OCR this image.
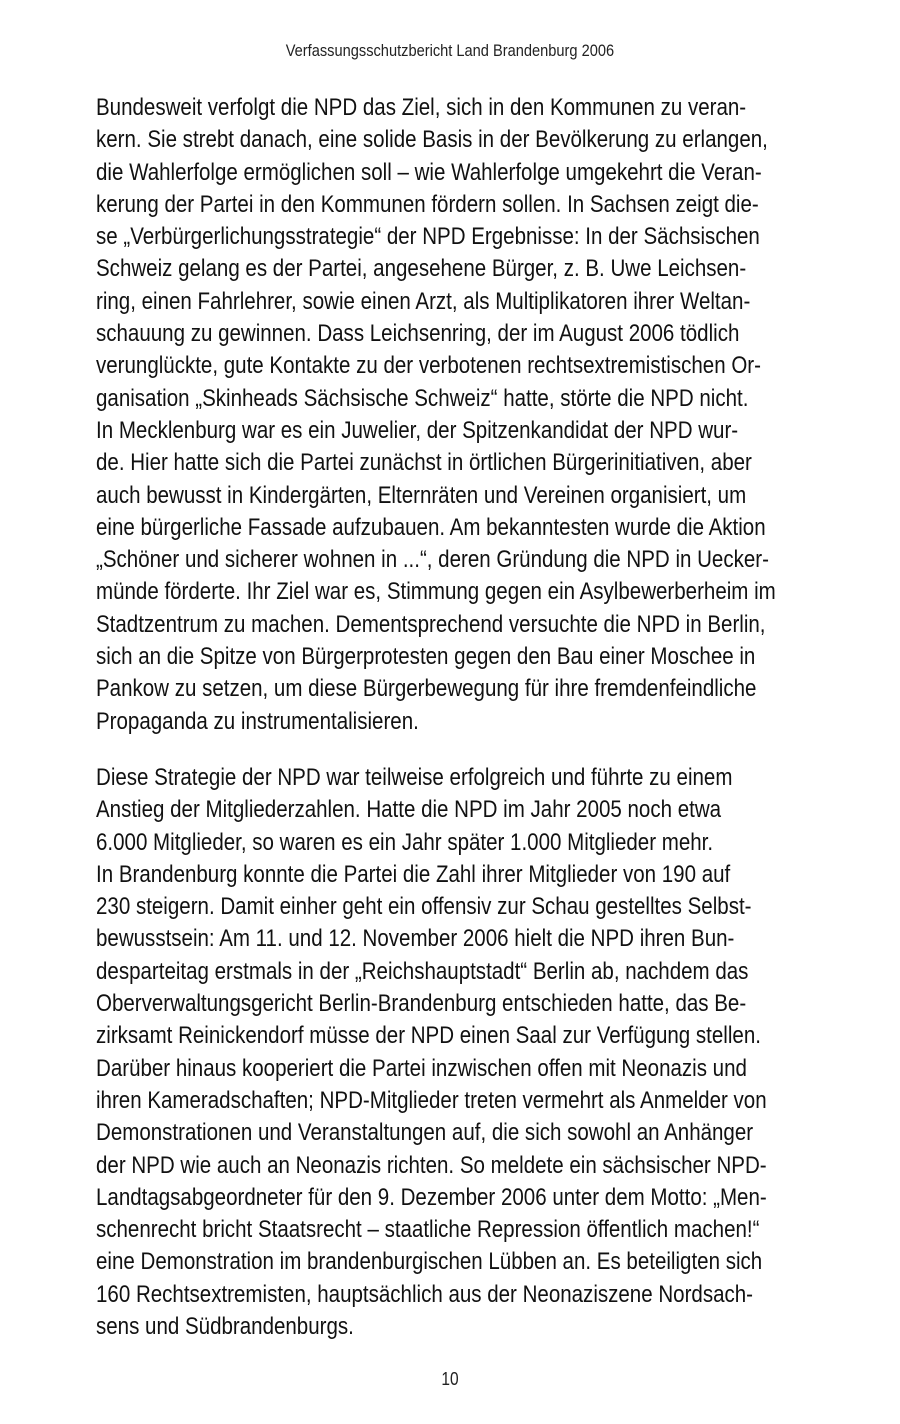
Verfassungsschutzbericht Land Brandenburg 2006
Bundesweit verfolgt die NPD das Ziel, sich in den Kommunen zu veran-
kern. Sie strebt danach, eine solide Basis in der Bevölkerung zu erlangen,
die Wahlerfolge ermöglichen soll – wie Wahlerfolge umgekehrt die Veran-
kerung der Partei in den Kommunen fördern sollen. In Sachsen zeigt die-
se „Verbürgerlichungsstrategie“ der NPD Ergebnisse: In der Sächsischen
Schweiz gelang es der Partei, angesehene Bürger, z. B. Uwe Leichsen-
ring, einen Fahrlehrer, sowie einen Arzt, als Multiplikatoren ihrer Weltan-
schauung zu gewinnen. Dass Leichsenring, der im August 2006 tödlich
verunglückte, gute Kontakte zu der verbotenen rechtsextremistischen Or-
ganisation „Skinheads Sächsische Schweiz“ hatte, störte die NPD nicht.
In Mecklenburg war es ein Juwelier, der Spitzenkandidat der NPD wur-
de. Hier hatte sich die Partei zunächst in örtlichen Bürgerinitiativen, aber
auch bewusst in Kindergärten, Elternräten und Vereinen organisiert, um
eine bürgerliche Fassade aufzubauen. Am bekanntesten wurde die Aktion
„Schöner und sicherer wohnen in ...“, deren Gründung die NPD in Uecker-
münde förderte. Ihr Ziel war es, Stimmung gegen ein Asylbewerberheim im
Stadtzentrum zu machen. Dementsprechend versuchte die NPD in Berlin,
sich an die Spitze von Bürgerprotesten gegen den Bau einer Moschee in
Pankow zu setzen, um diese Bürgerbewegung für ihre fremdenfeindliche
Propaganda zu instrumentalisieren.
Diese Strategie der NPD war teilweise erfolgreich und führte zu einem
Anstieg der Mitgliederzahlen. Hatte die NPD im Jahr 2005 noch etwa
6.000 Mitglieder, so waren es ein Jahr später 1.000 Mitglieder mehr.
In Brandenburg konnte die Partei die Zahl ihrer Mitglieder von 190 auf
230 steigern. Damit einher geht ein offensiv zur Schau gestelltes Selbst-
bewusstsein: Am 11. und 12. November 2006 hielt die NPD ihren Bun-
desparteitag erstmals in der „Reichshauptstadt“ Berlin ab, nachdem das
Oberverwaltungsgericht Berlin-Brandenburg entschieden hatte, das Be-
zirksamt Reinickendorf müsse der NPD einen Saal zur Verfügung stellen.
Darüber hinaus kooperiert die Partei inzwischen offen mit Neonazis und
ihren Kameradschaften; NPD-Mitglieder treten vermehrt als Anmelder von
Demonstrationen und Veranstaltungen auf, die sich sowohl an Anhänger
der NPD wie auch an Neonazis richten. So meldete ein sächsischer NPD-
Landtagsabgeordneter für den 9. Dezember 2006 unter dem Motto: „Men-
schenrecht bricht Staatsrecht – staatliche Repression öffentlich machen!“
eine Demonstration im brandenburgischen Lübben an. Es beteiligten sich
160 Rechtsextremisten, hauptsächlich aus der Neonaziszene Nordsach-
sens und Südbrandenburgs.
10
